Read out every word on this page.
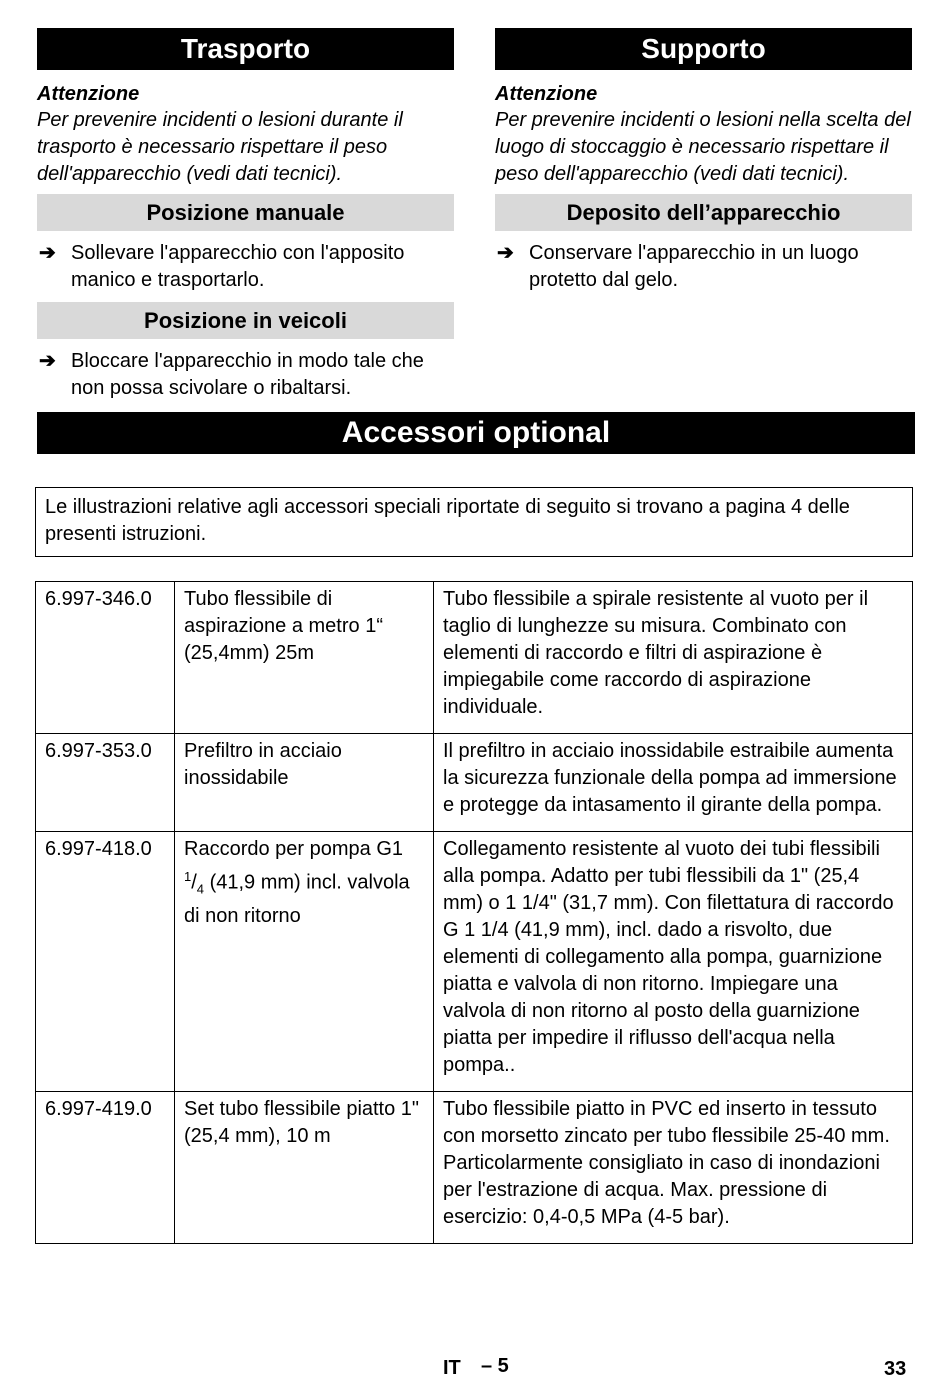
Trasporto
Attenzione
Per prevenire incidenti o lesioni durante il trasporto è necessario rispettare il peso dell'apparecchio (vedi dati tecnici).
Posizione manuale
➔ Sollevare l'apparecchio con l'apposito manico e trasportarlo.
Posizione in veicoli
➔ Bloccare l'apparecchio in modo tale che non possa scivolare o ribaltarsi.
Supporto
Attenzione
Per prevenire incidenti o lesioni nella scelta del luogo di stoccaggio è necessario rispettare il peso dell'apparecchio (vedi dati tecnici).
Deposito dell’apparecchio
➔ Conservare l'apparecchio in un luogo protetto dal gelo.
Accessori optional
Le illustrazioni relative agli accessori speciali riportate di seguito si trovano a pagina 4 delle presenti istruzioni.
6.997-346.0	Tubo flessibile di aspirazione a metro 1“ (25,4mm) 25m	Tubo flessibile a spirale resistente al vuoto per il taglio di lunghezze su misura. Combinato con elementi di raccordo e filtri di aspirazione è impiegabile come raccordo di aspirazione individuale.
6.997-353.0	Prefiltro in acciaio inossidabile	Il prefiltro in acciaio inossidabile estraibile aumenta la sicurezza funzionale della pompa ad immersione e protegge da intasamento il girante della pompa.
6.997-418.0	Raccordo per pompa G1 $^1/_4$ (41,9 mm) incl. valvola di non ritorno	Collegamento resistente al vuoto dei tubi flessibili alla pompa. Adatto per tubi flessibili da 1" (25,4 mm) o 1 1/4" (31,7 mm). Con filettatura di raccordo G 1 1/4 (41,9 mm), incl. dado a risvolto, due elementi di collegamento alla pompa, guarnizione piatta e valvola di non ritorno. Impiegare una valvola di non ritorno al posto della guarnizione piatta per impedire il riflusso dell'acqua nella pompa..
6.997-419.0	Set tubo flessibile piatto 1" (25,4 mm), 10 m	Tubo flessibile piatto in PVC ed inserto in tessuto con morsetto zincato per tubo flessibile 25-40 mm. Particolarmente consigliato in caso di inondazioni per l'estrazione di acqua. Max. pressione di esercizio: 0,4-0,5 MPa (4-5 bar).
IT – 5	33
